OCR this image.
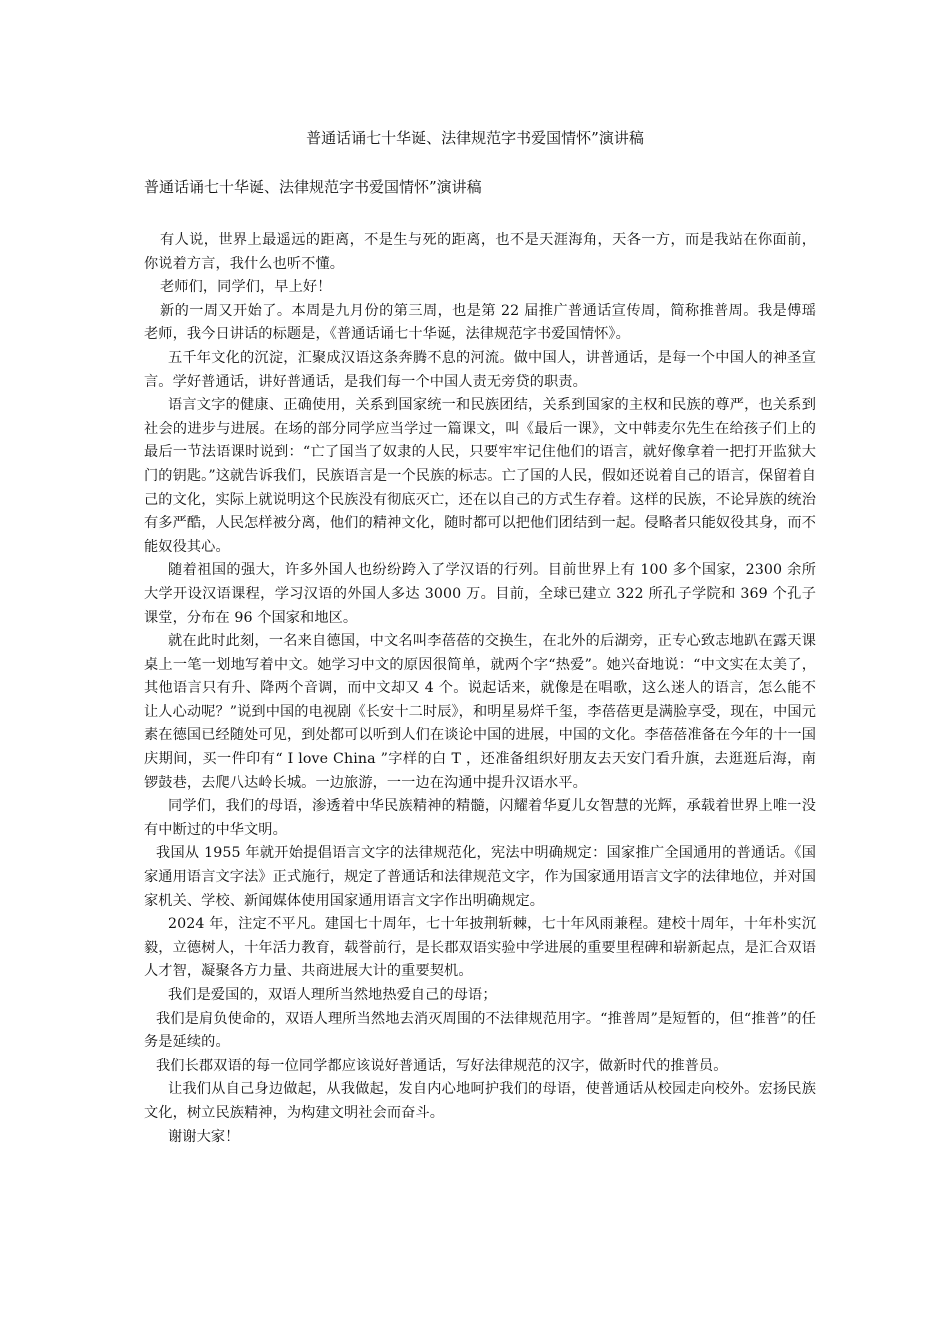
普通话诵七十华诞、法律规范字书爱国情怀”演讲稿
普通话诵七十华诞、法律规范字书爱国情怀”演讲稿

有人说，世界上最遥远的距离，不是生与死的距离，也不是天涯海角，天各一方，而是我站在你面前，你说着方言，我什么也听不懂。

老师们，同学们，早上好！

新的一周又开始了。本周是九月份的第三周，也是第 22 届推广普通话宣传周，简称推普周。我是傅瑶老师，我今日讲话的标题是，《普通话诵七十华诞，法律规范字书爱国情怀》。

五千年文化的沉淀，汇聚成汉语这条奔腾不息的河流。做中国人，讲普通话，是每一个中国人的神圣宣言。学好普通话，讲好普通话，是我们每一个中国人责无旁贷的职责。

语言文字的健康、正确使用，关系到国家统一和民族团结，关系到国家的主权和民族的尊严，也关系到社会的进步与进展。在场的部分同学应当学过一篇课文，叫《最后一课》，文中韩麦尔先生在给孩子们上的最后一节法语课时说到：“亡了国当了奴隶的人民，只要牢牢记住他们的语言，就好像拿着一把打开监狱大门的钥匙。”这就告诉我们，民族语言是一个民族的标志。亡了国的人民，假如还说着自己的语言，保留着自己的文化，实际上就说明这个民族没有彻底灭亡，还在以自己的方式生存着。这样的民族，不论异族的统治有多严酷，人民怎样被分离，他们的精神文化，随时都可以把他们团结到一起。侵略者只能奴役其身，而不能奴役其心。

随着祖国的强大，许多外国人也纷纷跨入了学汉语的行列。目前世界上有 100 多个国家，2300 余所大学开设汉语课程，学习汉语的外国人多达 3000 万。目前，全球已建立 322 所孔子学院和 369 个孔子课堂，分布在 96 个国家和地区。

就在此时此刻，一名来自德国，中文名叫李蓓蓓的交换生，在北外的后湖旁，正专心致志地趴在露天课桌上一笔一划地写着中文。她学习中文的原因很简单，就两个字“热爱”。她兴奋地说：“中文实在太美了，其他语言只有升、降两个音调，而中文却又 4 个。说起话来，就像是在唱歌，这么迷人的语言，怎么能不让人心动呢？”说到中国的电视剧《长安十二时辰》，和明星易烊千玺，李蓓蓓更是满脸享受，现在，中国元素在德国已经随处可见，到处都可以听到人们在谈论中国的进展，中国的文化。李蓓蓓准备在今年的十一国庆期间，买一件印有“ I love China ”字样的白 T ，还准备组织好朋友去天安门看升旗，去逛逛后海，南锣鼓巷，去爬八达岭长城。一边旅游，一一边在沟通中提升汉语水平。

同学们，我们的母语，渗透着中华民族精神的精髓，闪耀着华夏儿女智慧的光辉，承载着世界上唯一没有中断过的中华文明。

我国从 1955 年就开始提倡语言文字的法律规范化，宪法中明确规定：国家推广全国通用的普通话。《国家通用语言文字法》正式施行，规定了普通话和法律规范文字，作为国家通用语言文字的法律地位，并对国家机关、学校、新闻媒体使用国家通用语言文字作出明确规定。

2024 年，注定不平凡。建国七十周年，七十年披荆斩棘，七十年风雨兼程。建校十周年，十年朴实沉毅，立德树人，十年活力教育，载誉前行，是长郡双语实验中学进展的重要里程碑和崭新起点，是汇合双语人才智，凝聚各方力量、共商进展大计的重要契机。

我们是爱国的，双语人理所当然地热爱自己的母语；

我们是肩负使命的，双语人理所当然地去消灭周围的不法律规范用字。“推普周”是短暂的，但“推普”的任务是延续的。

我们长郡双语的每一位同学都应该说好普通话，写好法律规范的汉字，做新时代的推普员。

让我们从自己身边做起，从我做起，发自内心地呵护我们的母语，使普通话从校园走向校外。宏扬民族文化，树立民族精神，为构建文明社会而奋斗。

谢谢大家！
